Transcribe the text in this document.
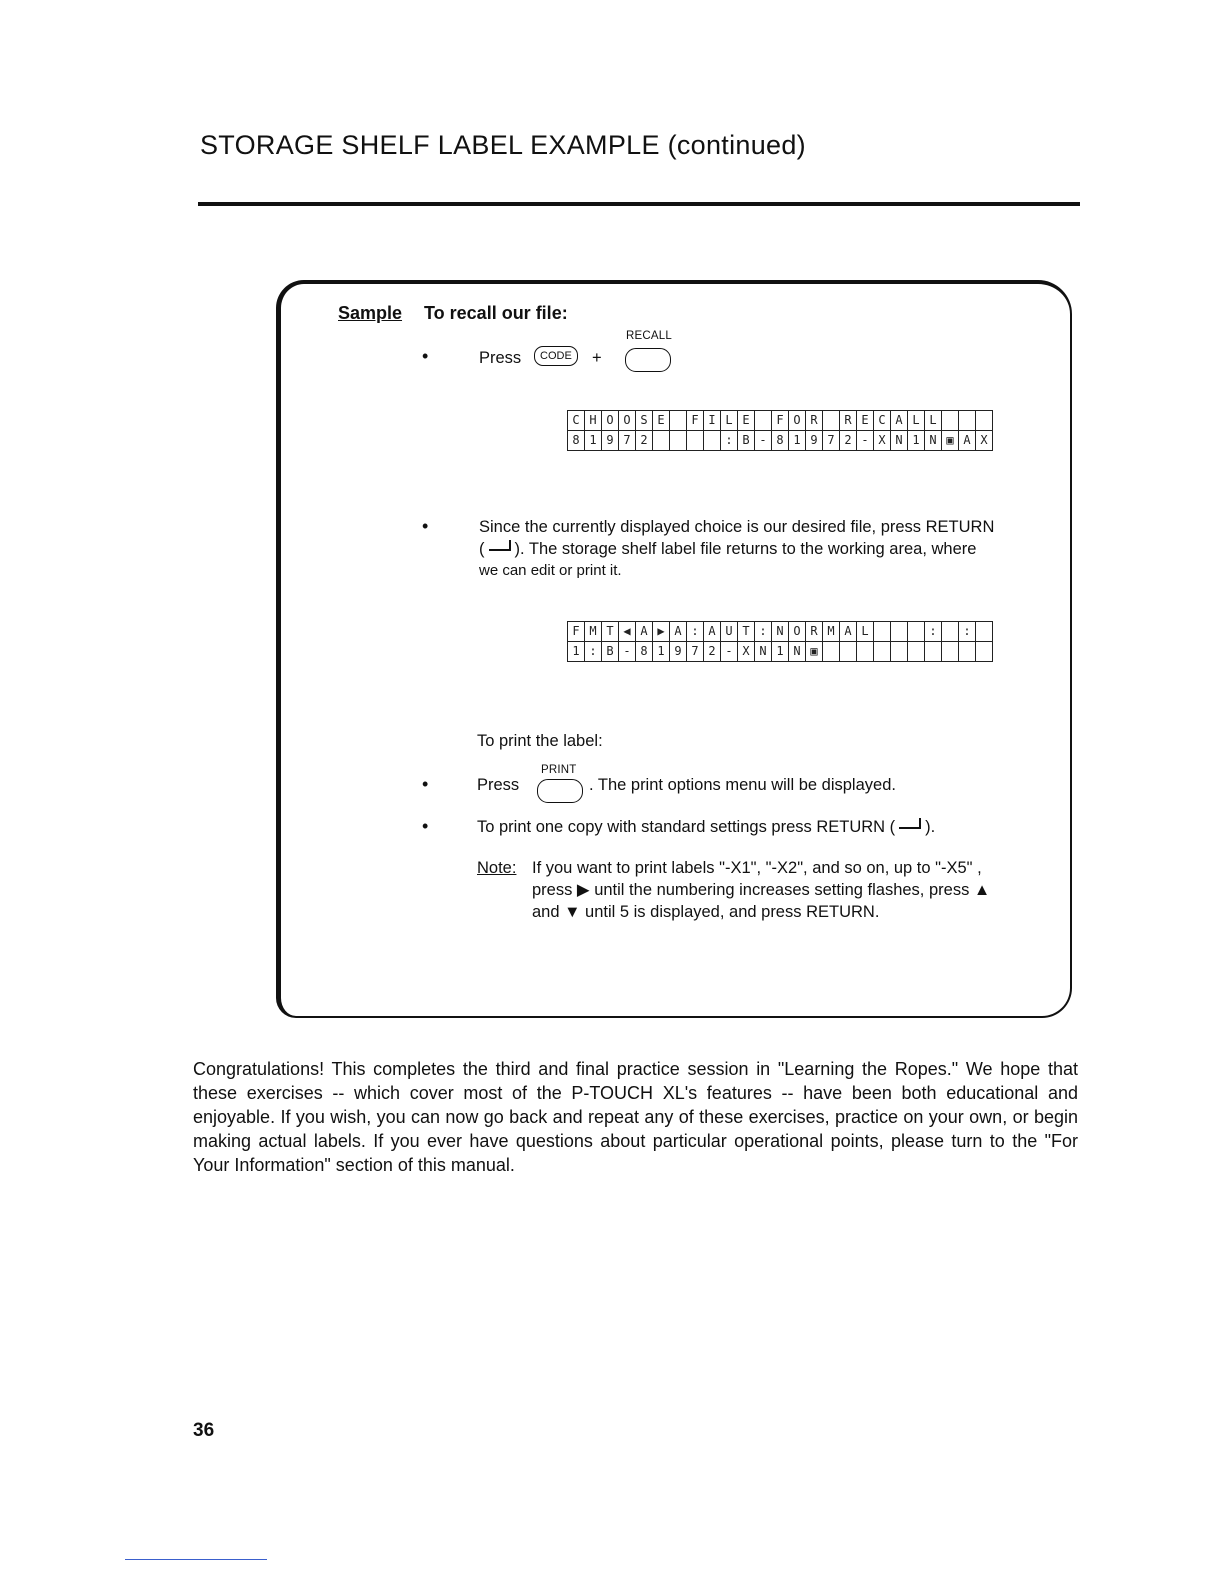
STORAGE SHELF LABEL EXAMPLE (continued)
Sample To recall our file:
RECALL
•	Press	CODE	+
C	H	O	O	S	E		F	I	L	E		F	O	R		R	E	C	A	L	L			
8	1	9	7	2					:	B	-	8	1	9	7	2	-	X	N	1	N	▣	A	X
•	Since the currently displayed choice is our desired file, press RETURN
( ). The storage shelf label file returns to the working area, where
we can edit or print it.
F	M	T	◀	A	▶	A	:	A	U	T	:	N	O	R	M	A	L				:		:	
1	:	B	-	8	1	9	7	2	-	X	N	1	N	▣										
To print the label:
PRINT
•	Press	. The print options menu will be displayed.
•	To print one copy with standard settings press RETURN ( ).
Note: If you want to print labels "-X1", "-X2", and so on, up to "-X5" ,
press ▶ until the numbering increases setting flashes, press ▲
and ▼ until 5 is displayed, and press RETURN.
Congratulations! This completes the third and final practice session in "Learning the Ropes." We hope that these exercises -- which cover most of the P-TOUCH XL's features -- have been both educational and enjoyable. If you wish, you can now go back and repeat any of these exercises, practice on your own, or begin making actual labels. If you ever have questions about particular operational points, please turn to the "For Your Information" section of this manual.
36
